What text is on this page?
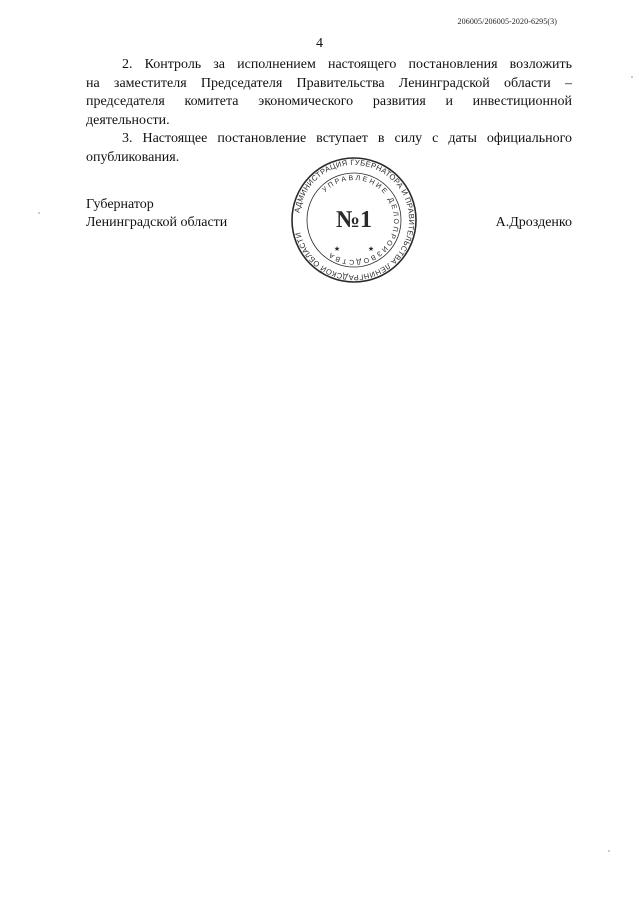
206005/206005-2020-6295(3)
4

2. Контроль за исполнением настоящего постановления возложить
на заместителя Председателя Правительства Ленинградской области –
председателя комитета экономического развития и инвестиционной
деятельности.

3. Настоящее постановление вступает в силу с даты официального
опубликования.

Губернатор
Ленинградской области	А.Дрозденко
АДМИНИСТРАЦИЯ ГУБЕРНАТОРА И ПРАВИТЕЛЬСТВА ЛЕНИНГРАДСКОЙ ОБЛАСТИ
УПРАВЛЕНИЕ ДЕЛОПРОИЗВОДСТВА
№1
★	★
